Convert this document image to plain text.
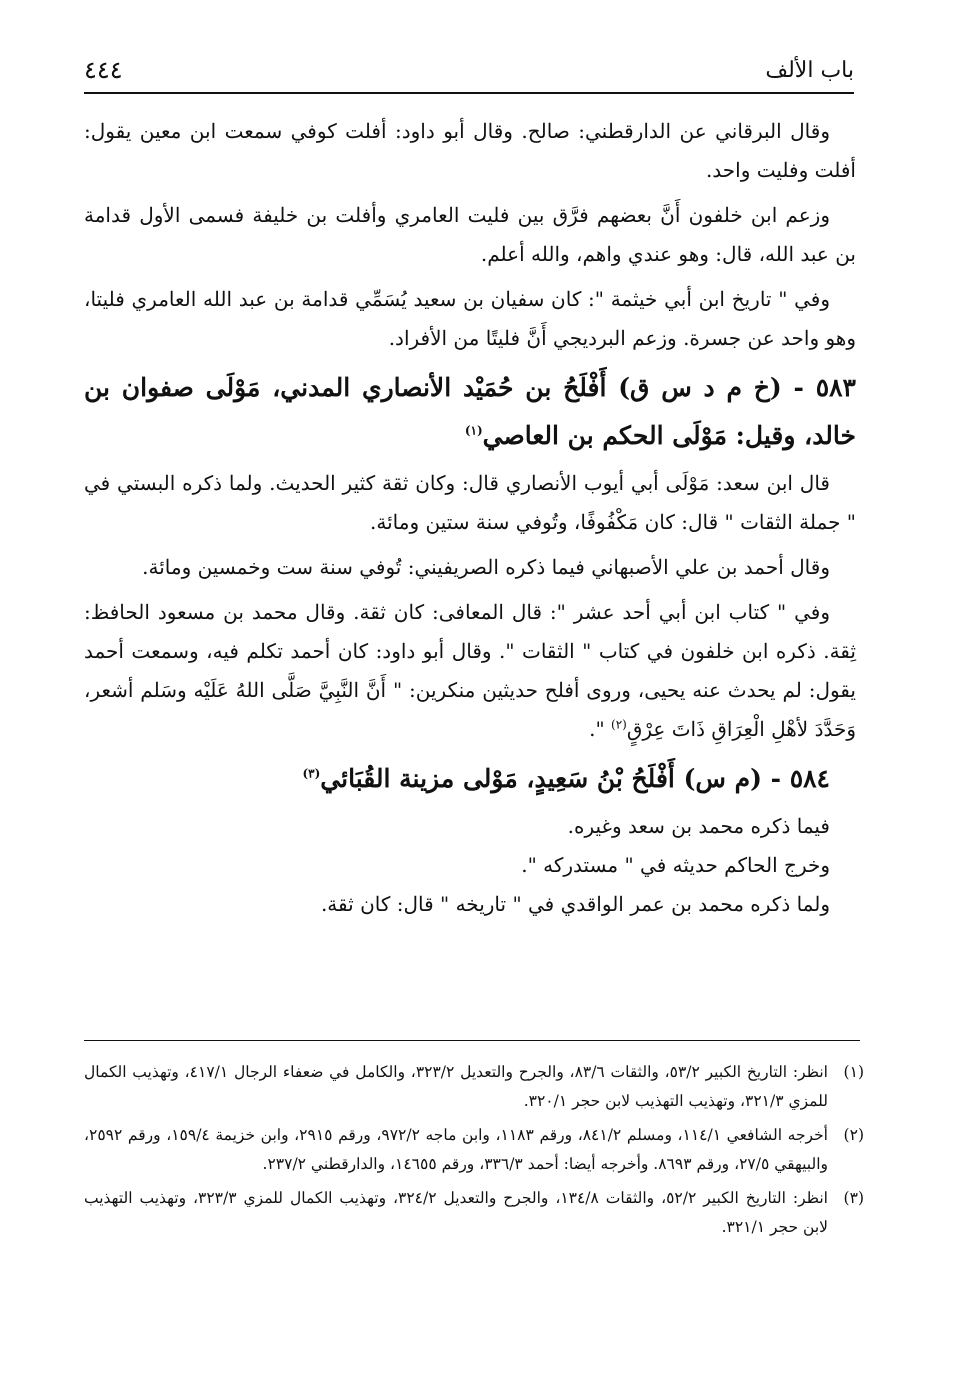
باب الألف
٤٤٤

وقال البرقاني عن الدارقطني: صالح. وقال أبو داود: أفلت كوفي سمعت ابن معين يقول: أفلت وفليت واحد.

وزعم ابن خلفون أَنَّ بعضهم فرَّق بين فليت العامري وأفلت بن خليفة فسمى الأول قدامة بن عبد الله، قال: وهو عندي واهم، والله أعلم.

وفي " تاريخ ابن أبي خيثمة ": كان سفيان بن سعيد يُسَمِّي قدامة بن عبد الله العامري فليتا، وهو واحد عن جسرة. وزعم البرديجي أَنَّ فليتًا من الأفراد.

٥٨٣ - (خ م د س ق) أَفْلَحُ بن حُمَيْد الأنصاري المدني، مَوْلَى صفوان بن خالد، وقيل: مَوْلَى الحكم بن العاصي$^{(١)}$

قال ابن سعد: مَوْلَى أبي أيوب الأنصاري قال: وكان ثقة كثير الحديث. ولما ذكره البستي في " جملة الثقات " قال: كان مَكْفُوفًا، وتُوفي سنة ستين ومائة.

وقال أحمد بن علي الأصبهاني فيما ذكره الصريفيني: تُوفي سنة ست وخمسين ومائة.

وفي " كتاب ابن أبي أحد عشر ": قال المعافى: كان ثقة. وقال محمد بن مسعود الحافظ: ثِقة. ذكره ابن خلفون في كتاب " الثقات ". وقال أبو داود: كان أحمد تكلم فيه، وسمعت أحمد يقول: لم يحدث عنه يحيى، وروى أفلح حديثين منكرين: " أَنَّ النَّبِيَّ صَلَّى اللهُ عَلَيْه وسَلم أشعر، وَحَدَّدَ لأهْلِ الْعِرَاقِ ذَاتَ عِرْقٍ$^{(٢)}$ ".

٥٨٤ - (م س) أَفْلَحُ بْنُ سَعِيدٍ، مَوْلى مزينة القُبَائي$^{(٣)}$

فيما ذكره محمد بن سعد وغيره.

وخرج الحاكم حديثه في " مستدركه ".

ولما ذكره محمد بن عمر الواقدي في " تاريخه " قال: كان ثقة.

(١)
انظر: التاريخ الكبير ٥٣/٢، والثقات ٨٣/٦، والجرح والتعديل ٣٢٣/٢، والكامل في ضعفاء الرجال ٤١٧/١، وتهذيب الكمال للمزي ٣٢١/٣، وتهذيب التهذيب لابن حجر ٣٢٠/١.
(٢)
أخرجه الشافعي ١١٤/١، ومسلم ٨٤١/٢، ورقم ١١٨٣، وابن ماجه ٩٧٢/٢، ورقم ٢٩١٥، وابن خزيمة ١٥٩/٤، ورقم ٢٥٩٢، والبيهقي ٢٧/٥، ورقم ٨٦٩٣. وأخرجه أيضا: أحمد ٣٣٦/٣، ورقم ١٤٦٥٥، والدارقطني ٢٣٧/٢.
(٣)
انظر: التاريخ الكبير ٥٢/٢، والثقات ١٣٤/٨، والجرح والتعديل ٣٢٤/٢، وتهذيب الكمال للمزي ٣٢٣/٣، وتهذيب التهذيب لابن حجر ٣٢١/١.
